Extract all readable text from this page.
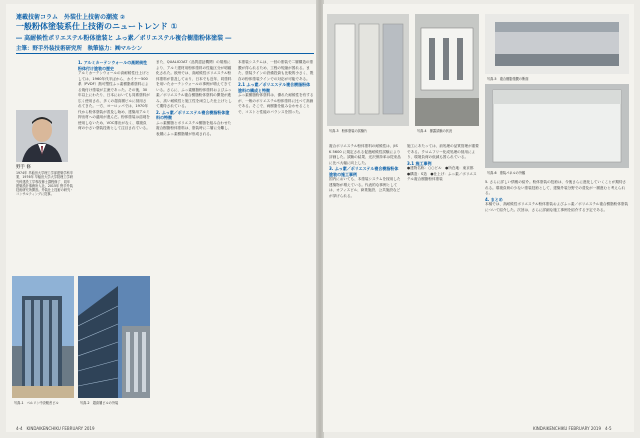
連載技術コラム　外装仕上技術の潮流 ②
一般粉体塗装系仕上技術のニュートレンド ①
― 高耐候性ポリエステル粉体塗装と ふっ素／ポリエステル複合樹脂粉体塗装 ―
主筆：野手外装技術研究所　執筆協力：㈱マルシン
野手 修
1974年 早稲田大学理工学部建築学科卒業、1976年 早稲田大学大学院理工学研究科建設工学専攻修士課程修了、同年 建築設計事務所入社。2015年 野手外装技術研究所開設。外装仕上技術の研究・コンサルティングに従事。
1. アルミカーテンウォールの高耐候性粉体付け塗装の歴史
アルミカーテンウォールの高耐候性仕上げとしては、1960年代半ばから、カイナー500系（PVDF）熱可塑性ふっ素樹脂系塗料による焼付け塗装が主流であった。その後、30年以上にわたり、日本においても同系塗料が広く使用され、多くの超高層ビルに採用されてきた。一方、ヨーロッパでは、1970年代から粉体塗装が普及し始め、建築用アルミ押出材への適用が進んだ。粉体塗装は溶剤を使用しないため、VOC排出がなく、環境負荷の小さい塗装技術として注目されている。
また、QUALICOAT（品質認証機関）の規格により、アルミ建材用粉体塗料の性能区分が明確化された。欧州では、高耐候性ポリエステル粉体塗料が普及しており、日本でも近年、同塗料を用いたカーテンウォールの事例が増えてきている。さらに、ふっ素樹脂粉体塗料およびふっ素／ポリエステル複合樹脂粉体塗料の開発が進み、高い耐候性と施工性を両立した仕上げとして期待されている。
2. ふっ素／ポリエステル複合樹脂粉体塗料の特徴
ふっ素樹脂とポリエステル樹脂を組み合わせた複合樹脂粉体塗料は、塗装時に二層に分離し、表層にふっ素樹脂層が形成される。
本塗装システムは、一回の塗装で二層構造の塗膜が得られるため、工程の短縮が図れる。また、塗装ラインの設備投資も比較的小さく、既存の粉体塗装ラインでの対応が可能である。
2.1 ふっ素／ポリエステル複合樹脂粉体塗料の構成と特徴
ふっ素樹脂粉体塗料は、優れた耐候性を有するが、一般のポリエステル粉体塗料に比べて高価である。そこで、両樹脂を組み合わせることで、コストと性能のバランスを図った。
写真-1　ベルリン中央駅舎ビル	写真-2　超高層ビルの外装
4-4　KINDAIKENCHIKU FEBRUARY 2019
写真-3　粉体塗装の試験片	写真-4　暴露試験の状況
写真-5　複合樹脂塗膜の断面
写真-6　塗装パネルの外観
複合ポリエステル粉体塗料の耐候性は、JIS K 5600 に規定される促進耐候性試験により評価した。試験の結果、光沢保持率は従来品に比べ大幅に向上した。
3. ふっ素／ポリエステル複合樹脂粉体塗装の施工事例
国内においても、本塗装システムを採用した建築物が増えている。代表的な事例としては、オフィスビル、商業施設、公共施設などが挙げられる。
施工にあたっては、前処理の品質管理が重要である。クロムフリー化成処理の採用により、環境負荷の低減も図られている。
3.1 施工事例
●建物名称：○○ビル　●所在地：東京都　●構造：S造　●仕上げ：ふっ素／ポリエステル複合樹脂粉体塗装
5. さらに詳しい情報の紹介。粉体塗装の技術は、今後さらに進化していくことが期待される。環境負荷の少ない塗装技術として、建築外装分野での普及が一層進むと考えられる。
4. まとめ
本稿では、高耐候性ポリエステル粉体塗装およびふっ素／ポリエステル複合樹脂粉体塗装について紹介した。次回は、さらに詳細な施工事例を紹介する予定である。
KINDAIKENCHIKU FEBRUARY 2019　4-5
